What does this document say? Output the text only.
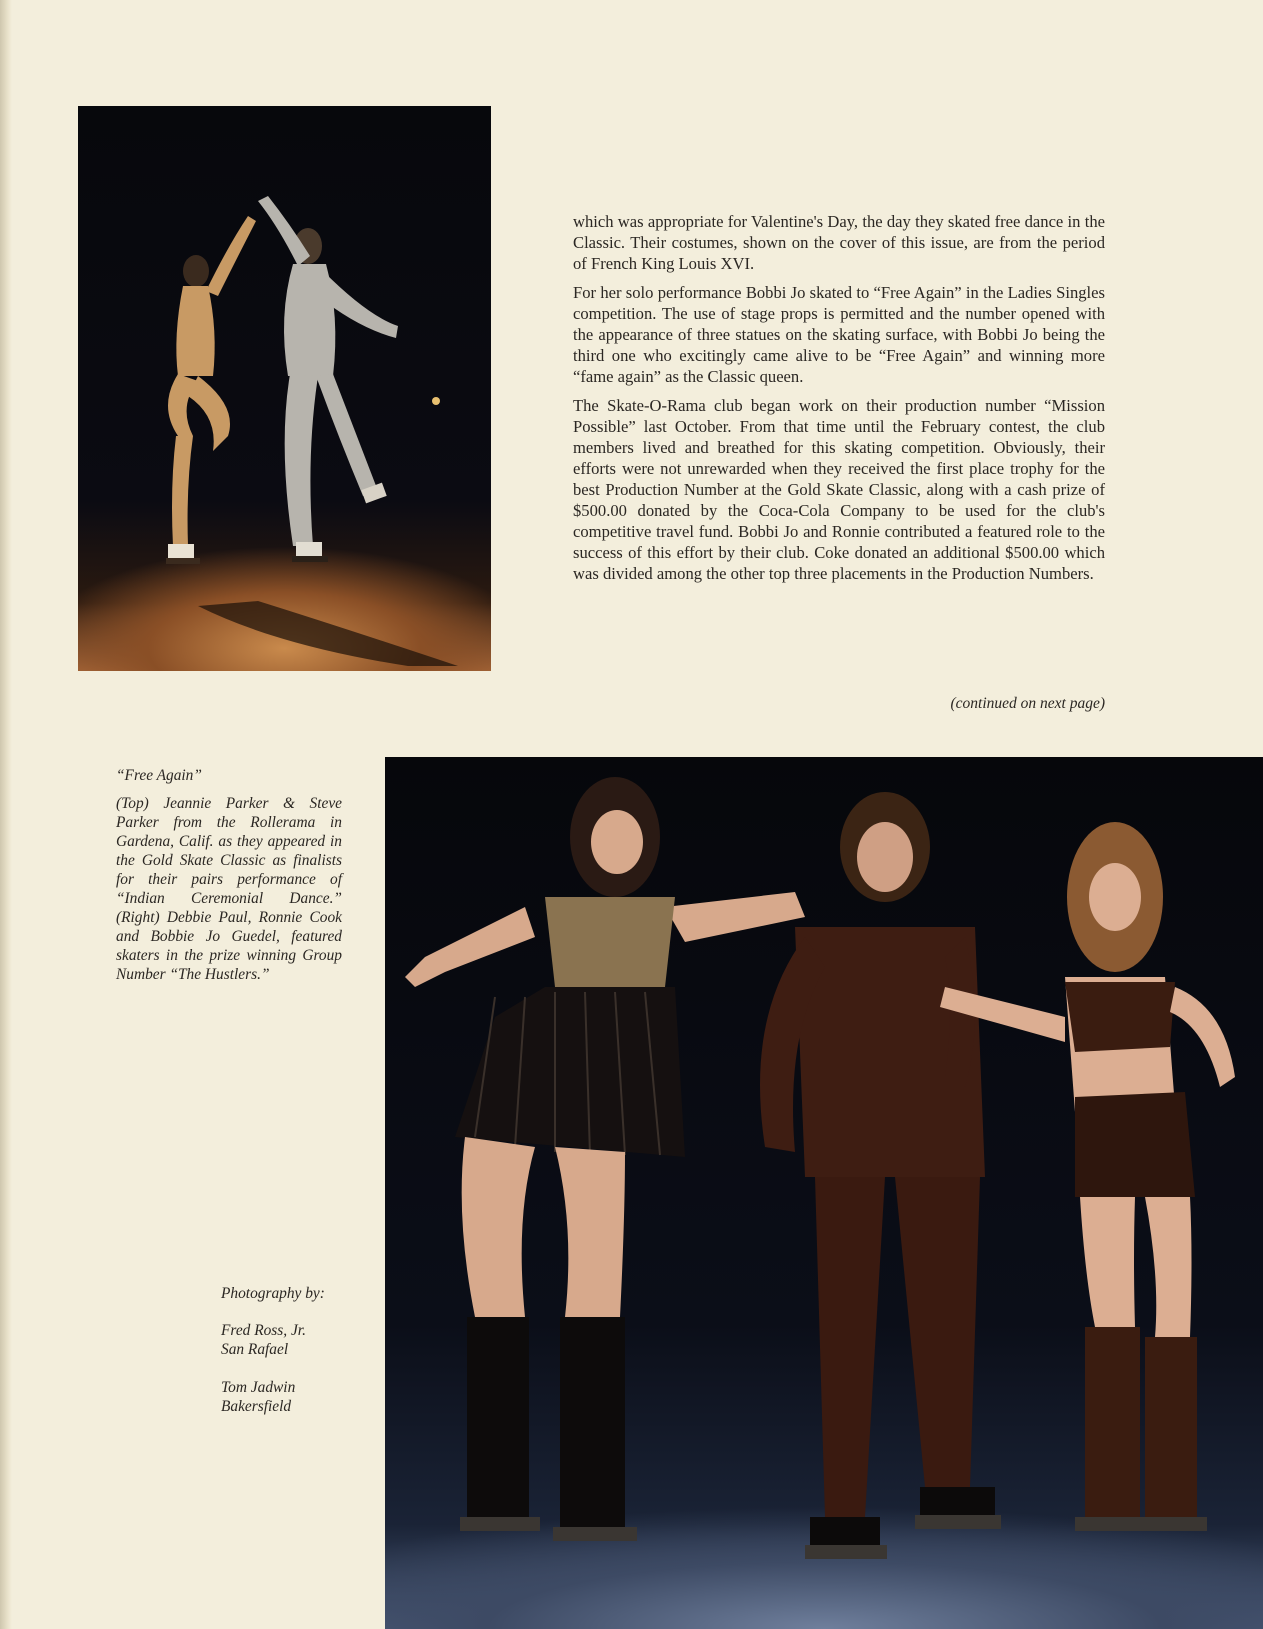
which was appropriate for Valentine's Day, the day they skated free dance in the Classic. Their costumes, shown on the cover of this issue, are from the period of French King Louis XVI.

For her solo performance Bobbi Jo skated to “Free Again” in the Ladies Singles competition. The use of stage props is permitted and the number opened with the appearance of three statues on the skating surface, with Bobbi Jo being the third one who excitingly came alive to be “Free Again” and winning more “fame again” as the Classic queen.

The Skate-O-Rama club began work on their production number “Mission Possible” last October. From that time until the February contest, the club members lived and breathed for this skating competition. Obviously, their efforts were not unrewarded when they received the first place trophy for the best Production Number at the Gold Skate Classic, along with a cash prize of $500.00 donated by the Coca-Cola Company to be used for the club's competitive travel fund. Bobbi Jo and Ronnie contributed a featured role to the success of this effort by their club. Coke donated an additional $500.00 which was divided among the other top three placements in the Production Numbers.

(continued on next page)
“Free Again”
(Top) Jeannie Parker & Steve Parker from the Rollerama in Gardena, Calif. as they appeared in the Gold Skate Classic as finalists for their pairs performance of “Indian Ceremonial Dance.” (Right) Debbie Paul, Ronnie Cook and Bobbie Jo Guedel, featured skaters in the prize winning Group Number “The Hustlers.”
Photography by:
Fred Ross, Jr.
San Rafael
Tom Jadwin
Bakersfield
